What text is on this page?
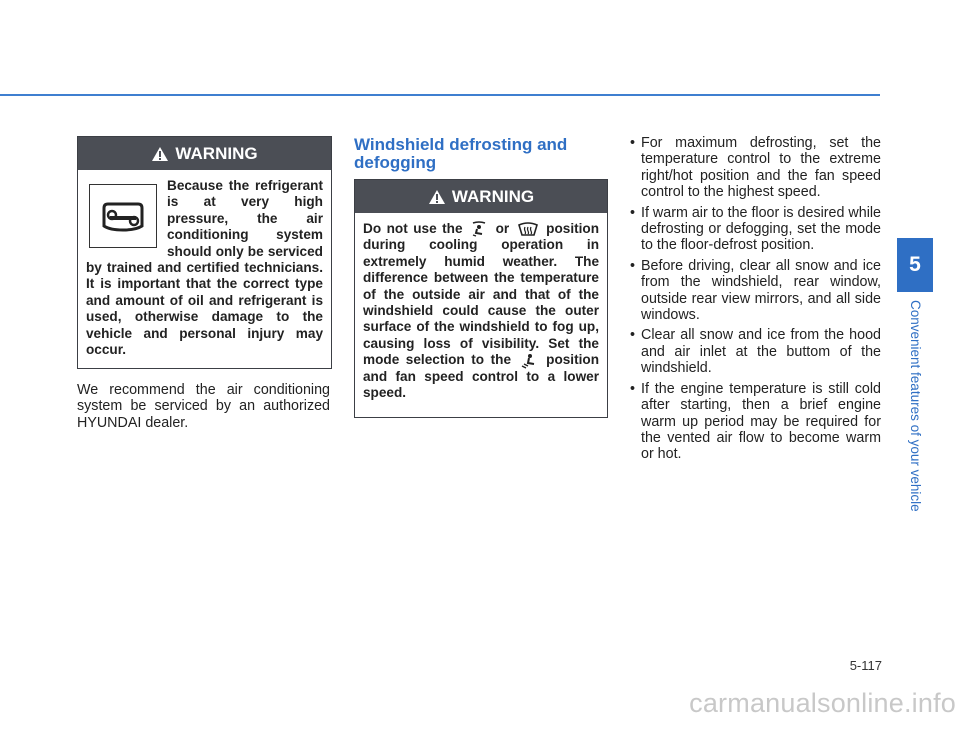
WARNING
Because the refrigerant is at very high pressure, the air conditioning system should only be serviced by trained and certified technicians. It is important that the correct type and amount of oil and refrigerant is used, otherwise damage to the vehicle and personal injury may occur.
We recommend the air conditioning system be serviced by an authorized HYUNDAI dealer.
Windshield defrosting and defogging
WARNING
Do not use the or	position during cooling operation in extremely humid weather. The difference between the temperature of the outside air and that of the windshield could cause the outer surface of the windshield to fog up, causing loss of visibility. Set the mode selection to the	position and fan speed control to a lower speed.
• For maximum defrosting, set the temperature control to the extreme right/hot position and the fan speed control to the highest speed.
• If warm air to the floor is desired while defrosting or defogging, set the mode to the floor-defrost position.
• Before driving, clear all snow and ice from the windshield, rear window, outside rear view mirrors, and all side windows.
• Clear all snow and ice from the hood and air inlet at the buttom of the windshield.
• If the engine temperature is still cold after starting, then a brief engine warm up period may be required for the vented air flow to become warm or hot.
5
Convenient features of your vehicle
5-117
carmanualsonline.info
